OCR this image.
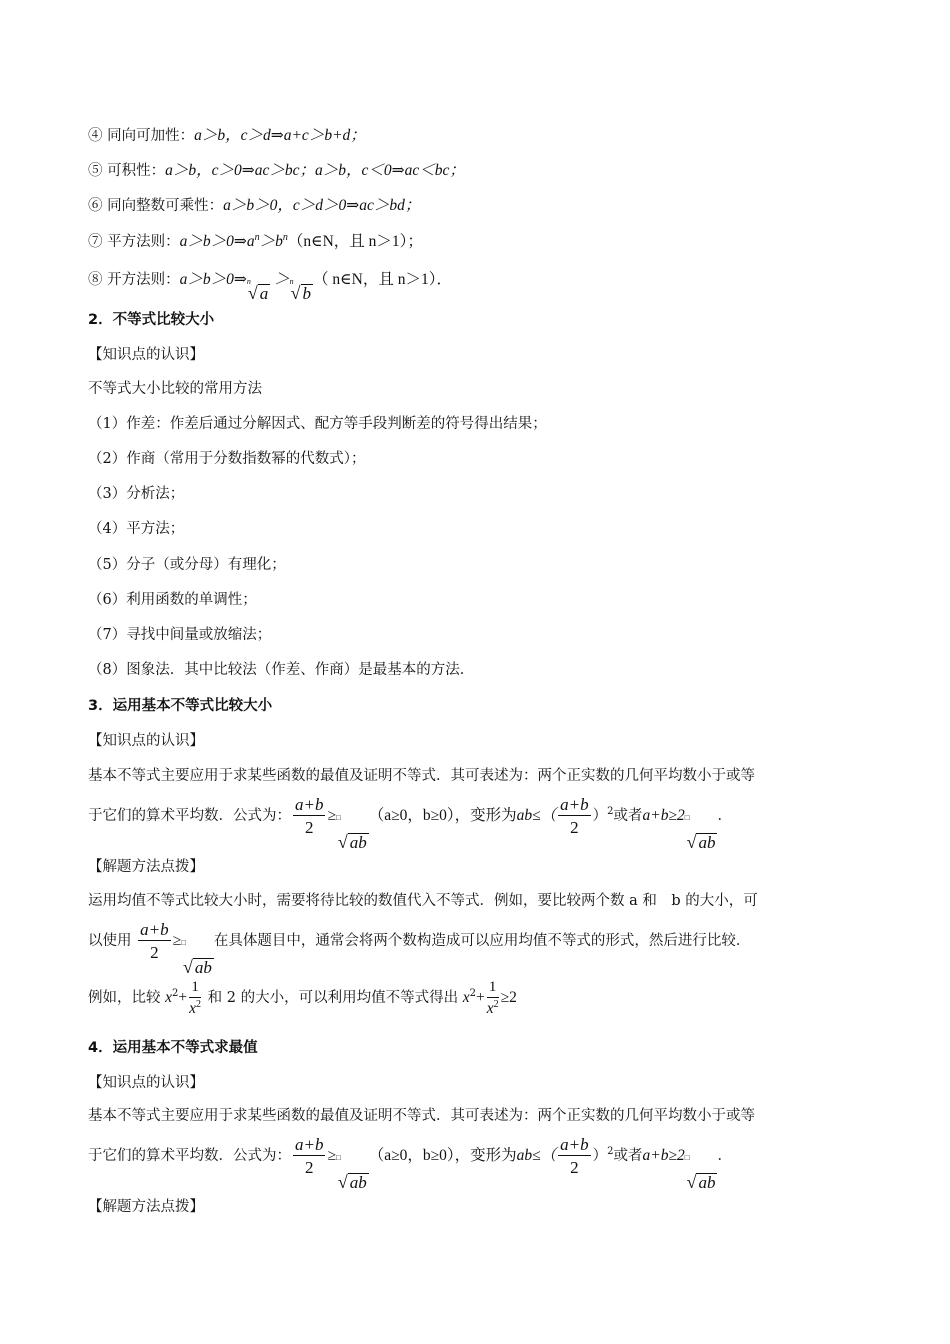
④ 同向可加性：a＞b，c＞d⇒a+c＞b+d；
⑤ 可积性：a＞b，c＞0⇒ac＞bc；a＞b，c＜0⇒ac＜bc；
⑥ 同向整数可乘性：a＞b＞0，c＞d＞0⇒ac＞bd；
⑦ 平方法则：$a>b>0\Rightarrow a^n>b^n(n\in N$，且 n＞1）；
⑧ 开方法则：a＞b＞0⇒ n
√ a
＞ n
√ b
（ n∈N，且 n＞1）．
2．不等式比较大小
【知识点的认识】
不等式大小比较的常用方法
（1）作差：作差后通过分解因式、配方等手段判断差的符号得出结果；
（2）作商（常用于分数指数幂的代数式）；
（3）分析法；
（4）平方法；
（5）分子（或分母）有理化；
（6）利用函数的单调性；
（7）寻找中间量或放缩法；
（8）图象法．其中比较法（作差、作商）是最基本的方法．
3．运用基本不等式比较大小
【知识点的认识】
基本不等式主要应用于求某些函数的最值及证明不等式．其可表述为：两个正实数的几何平均数小于或等
于它们的算术平均数．公式为： $\frac{a+b}{2}$ ≥ □
√ ab
（a≥0，b≥0），变形为$ab\le( \frac{a+b}{2} )^2$或者a+b≥2 □
√ ab
．
【解题方法点拨】
运用均值不等式比较大小时，需要将待比较的数值代入不等式．例如，要比较两个数 a 和　b 的大小，可
以使用 $\frac{a+b}{2}$ ≥ □
√ ab
在具体题目中，通常会将两个数构造成可以应用均值不等式的形式，然后进行比较．
例如，比较 $x^2+ \frac{1}{x^2}$ 和 2 的大小，可以利用均值不等式得出 $x^2+ \frac{1}{x^2} \ge 2$
4．运用基本不等式求最值
【知识点的认识】
基本不等式主要应用于求某些函数的最值及证明不等式．其可表述为：两个正实数的几何平均数小于或等
于它们的算术平均数．公式为： $\frac{a+b}{2}$ ≥ □
√ ab
（a≥0，b≥0），变形为$ab\le( \frac{a+b}{2} )^2$或者a+b≥2 □
√ ab
．
【解题方法点拨】
